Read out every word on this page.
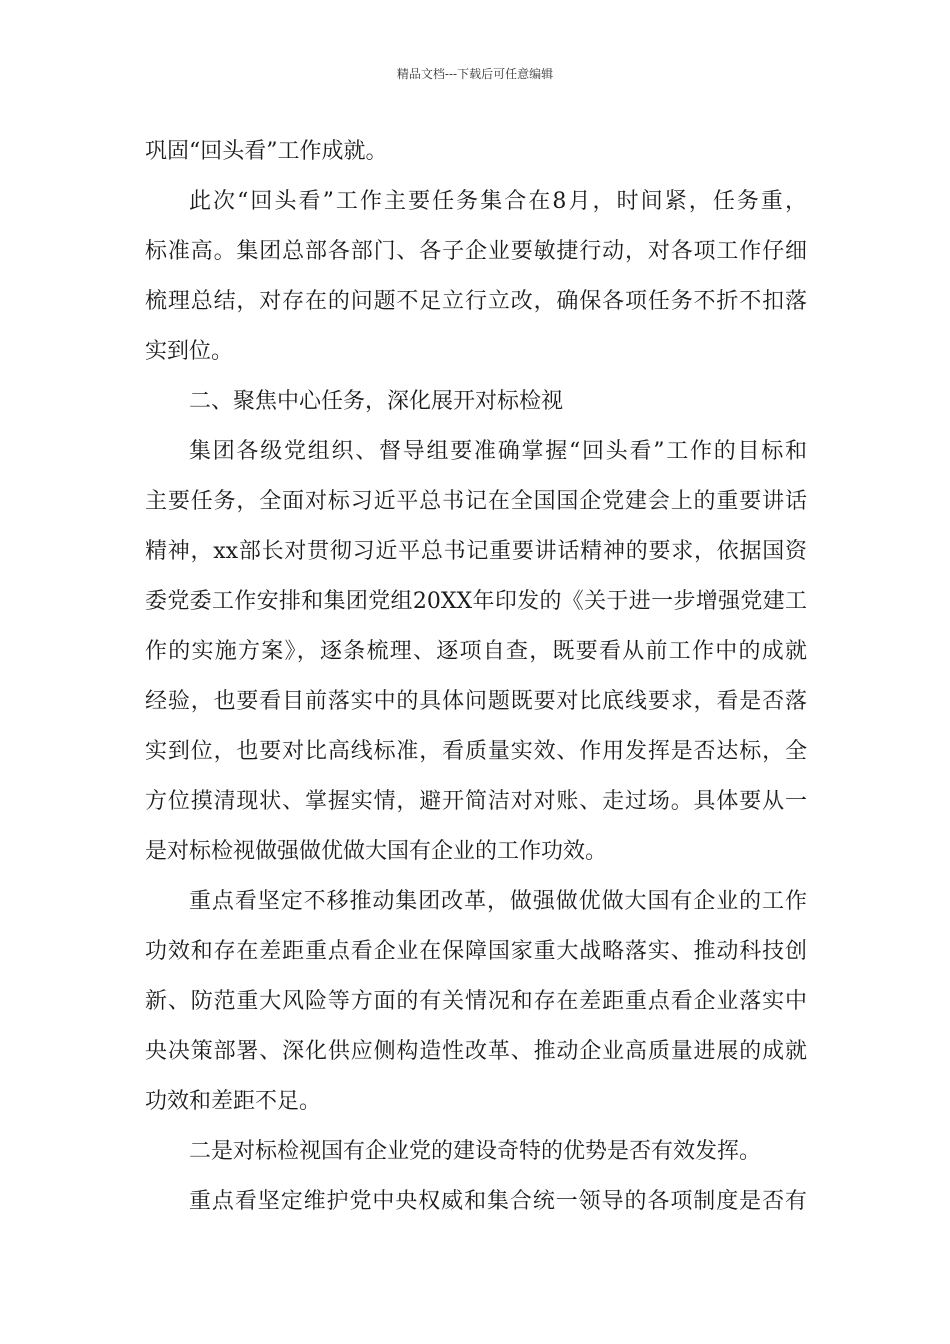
精品文档---下载后可任意编辑
巩固“回头看”工作成就。
此次“回头看”工作主要任务集合在8月，时间紧，任务重，
标准高。集团总部各部门、各子企业要敏捷行动，对各项工作仔细
梳理总结，对存在的问题不足立行立改，确保各项任务不折不扣落
实到位。
二、聚焦中心任务，深化展开对标检视
集团各级党组织、督导组要准确掌握“回头看”工作的目标和
主要任务，全面对标习近平总书记在全国国企党建会上的重要讲话
精神，xx部长对贯彻习近平总书记重要讲话精神的要求，依据国资
委党委工作安排和集团党组20XX年印发的《关于进一步增强党建工
作的实施方案》，逐条梳理、逐项自查，既要看从前工作中的成就
经验，也要看目前落实中的具体问题既要对比底线要求，看是否落
实到位，也要对比高线标准，看质量实效、作用发挥是否达标，全
方位摸清现状、掌握实情，避开简洁对对账、走过场。具体要从一
是对标检视做强做优做大国有企业的工作功效。
重点看坚定不移推动集团改革，做强做优做大国有企业的工作
功效和存在差距重点看企业在保障国家重大战略落实、推动科技创
新、防范重大风险等方面的有关情况和存在差距重点看企业落实中
央决策部署、深化供应侧构造性改革、推动企业高质量进展的成就
功效和差距不足。
二是对标检视国有企业党的建设奇特的优势是否有效发挥。
重点看坚定维护党中央权威和集合统一领导的各项制度是否有
